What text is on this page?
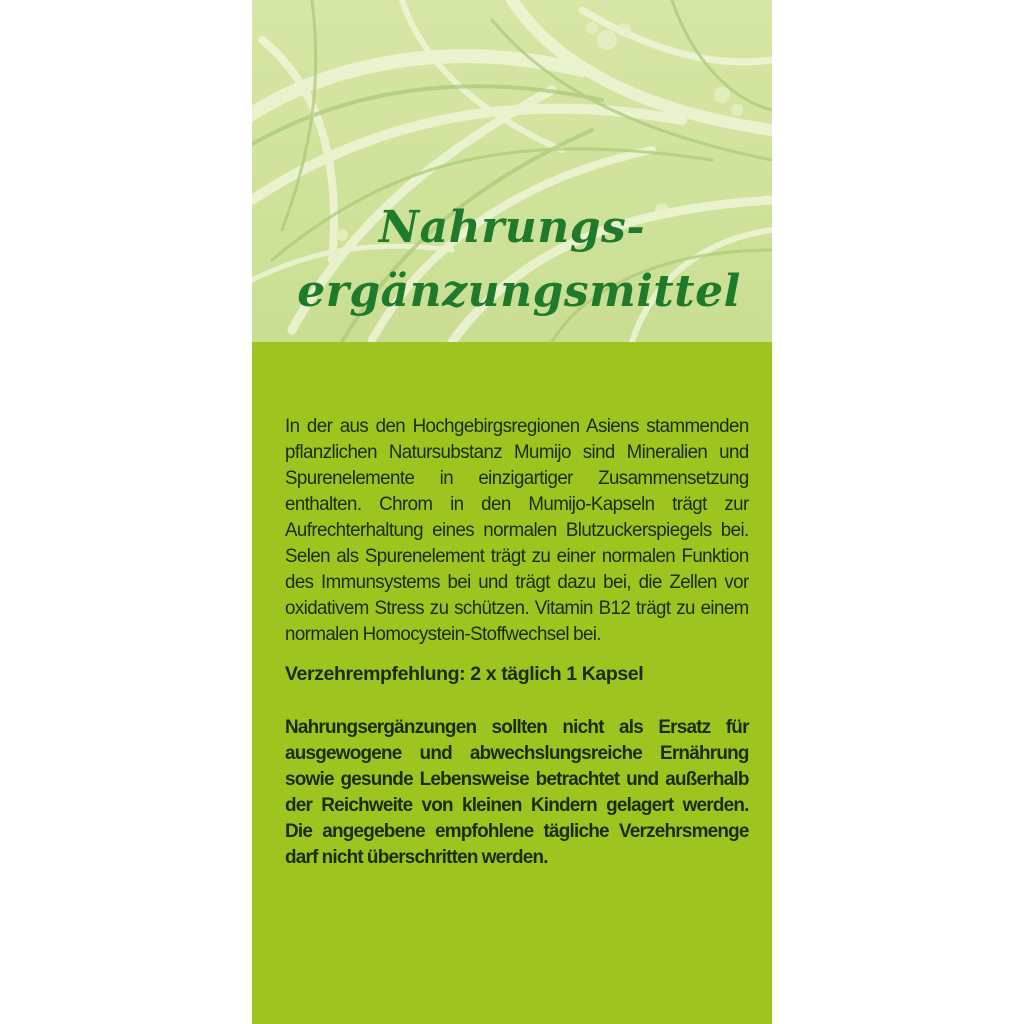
Nahrungs-
ergänzungsmittel

In der aus den Hochgebirgsregionen Asiens stammenden pflanzlichen Natursubstanz Mumijo sind Mineralien und Spurenelemente in einzigartiger Zusammensetzung enthalten. Chrom in den Mumijo-Kapseln trägt zur Aufrechterhaltung eines normalen Blutzuckerspiegels bei. Selen als Spurenelement trägt zu einer normalen Funktion des Immunsystems bei und trägt dazu bei, die Zellen vor oxidativem Stress zu schützen. Vitamin B12 trägt zu einem normalen Homocystein-Stoffwechsel bei.

Verzehrempfehlung: 2 x täglich 1 Kapsel

Nahrungsergänzungen sollten nicht als Ersatz für ausgewogene und abwechslungsreiche Ernährung sowie gesunde Lebensweise betrachtet und außerhalb der Reichweite von kleinen Kindern gelagert werden. Die angegebene empfohlene tägliche Verzehrsmenge darf nicht überschritten werden.
